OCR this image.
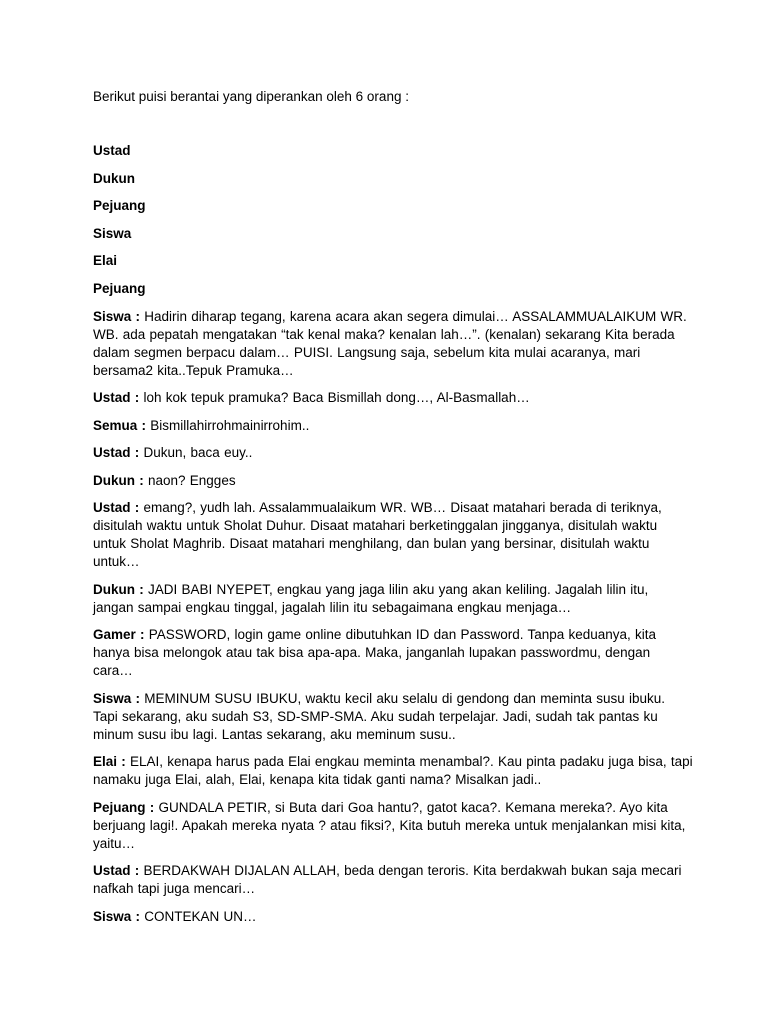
Berikut puisi berantai yang diperankan oleh 6 orang :

Ustad
Dukun
Pejuang
Siswa
Elai
Pejuang

Siswa : Hadirin diharap tegang, karena acara akan segera dimulai… ASSALAMMUALAIKUM WR. WB. ada pepatah mengatakan “tak kenal maka? kenalan lah…”. (kenalan) sekarang Kita berada dalam segmen berpacu dalam… PUISI. Langsung saja, sebelum kita mulai acaranya, mari bersama2 kita..Tepuk Pramuka…

Ustad : loh kok tepuk pramuka? Baca Bismillah dong…, Al-Basmallah…

Semua : Bismillahirrohmainirrohim..

Ustad : Dukun, baca euy..

Dukun : naon? Engges

Ustad : emang?, yudh lah. Assalammualaikum WR. WB… Disaat matahari berada di teriknya, disitulah waktu untuk Sholat Duhur. Disaat matahari berketinggalan jingganya, disitulah waktu untuk Sholat Maghrib. Disaat matahari menghilang, dan bulan yang bersinar, disitulah waktu untuk…

Dukun : JADI BABI NYEPET, engkau yang jaga lilin aku yang akan keliling. Jagalah lilin itu, jangan sampai engkau tinggal, jagalah lilin itu sebagaimana engkau menjaga…

Gamer : PASSWORD, login game online dibutuhkan ID dan Password. Tanpa keduanya, kita hanya bisa melongok atau tak bisa apa-apa. Maka, janganlah lupakan passwordmu, dengan cara…

Siswa : MEMINUM SUSU IBUKU, waktu kecil aku selalu di gendong dan meminta susu ibuku. Tapi sekarang, aku sudah S3, SD-SMP-SMA. Aku sudah terpelajar. Jadi, sudah tak pantas ku minum susu ibu lagi. Lantas sekarang, aku meminum susu..

Elai : ELAI, kenapa harus pada Elai engkau meminta menambal?. Kau pinta padaku juga bisa, tapi namaku juga Elai, alah, Elai, kenapa kita tidak ganti nama? Misalkan jadi..

Pejuang : GUNDALA PETIR, si Buta dari Goa hantu?, gatot kaca?. Kemana mereka?. Ayo kita berjuang lagi!. Apakah mereka nyata ? atau fiksi?, Kita butuh mereka untuk menjalankan misi kita, yaitu…

Ustad : BERDAKWAH DIJALAN ALLAH, beda dengan teroris. Kita berdakwah bukan saja mecari nafkah tapi juga mencari…

Siswa : CONTEKAN UN…
